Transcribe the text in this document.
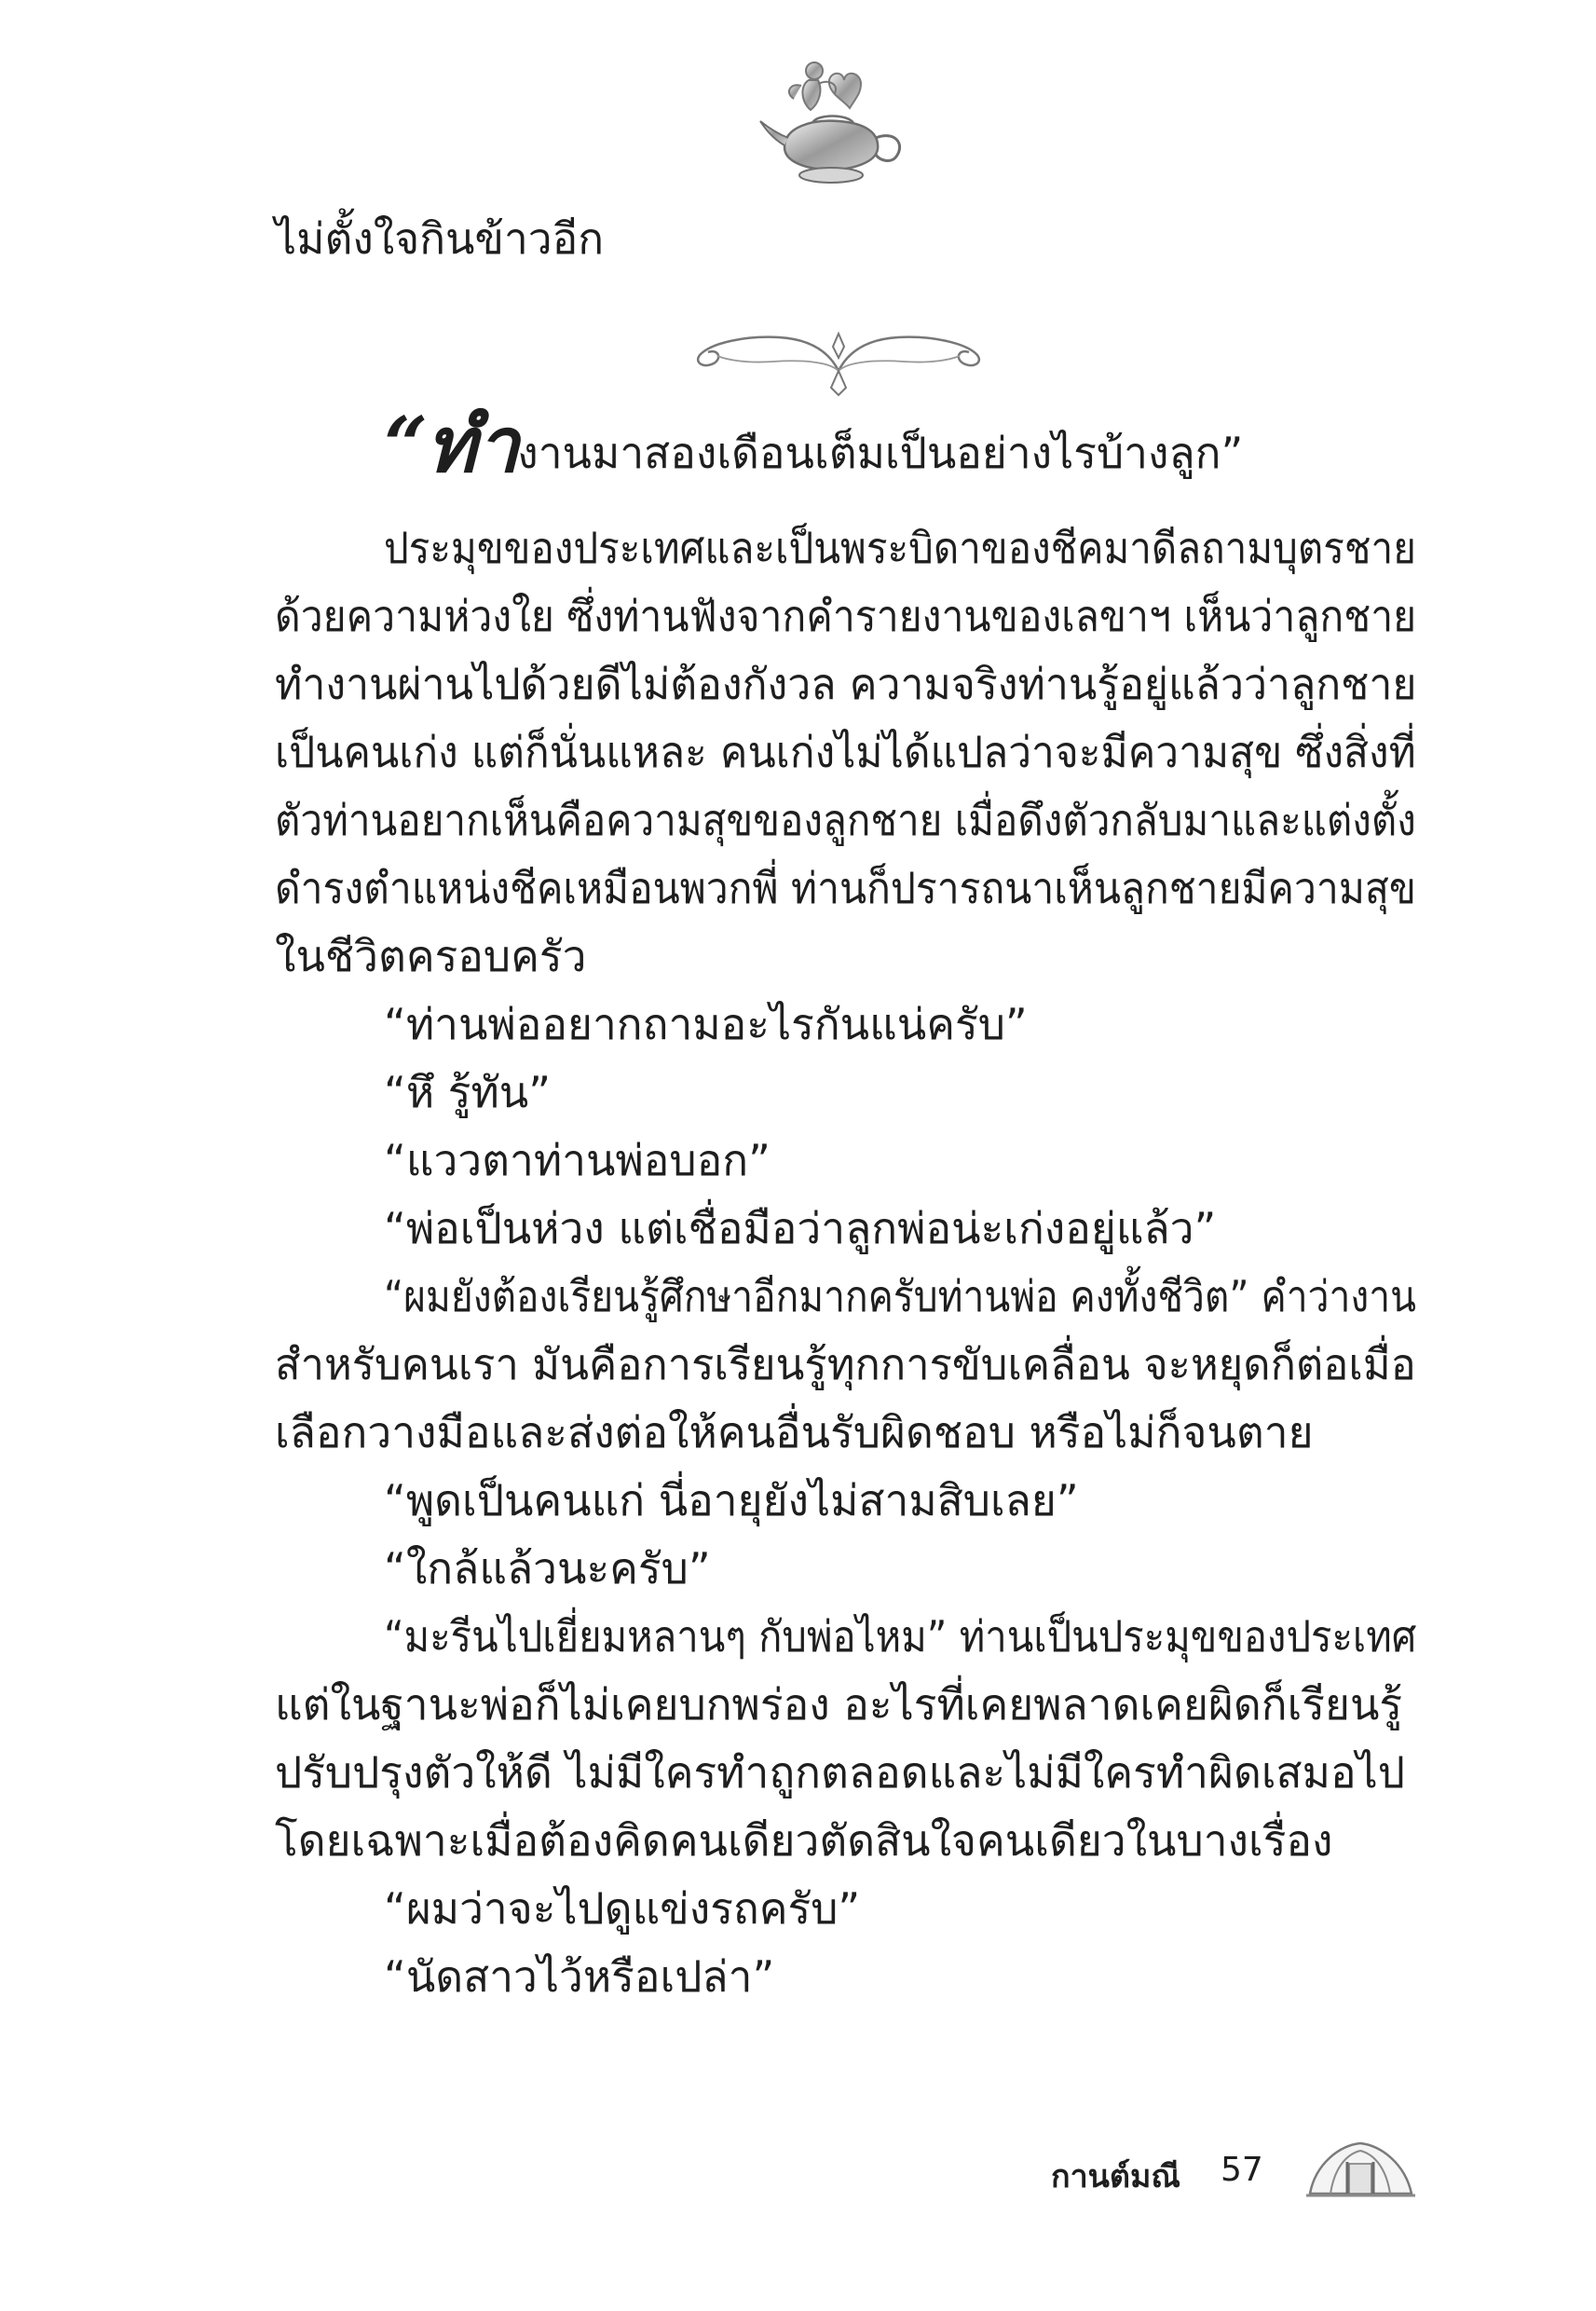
ไม่ตั้งใจกินข้าวอีก
“ทำงานมาสองเดือนเต็มเป็นอย่างไรบ้างลูก”
ประมุขของประเทศและเป็นพระบิดาของชีคมาดีลถามบุตรชาย
ด้วยความห่วงใย ซึ่งท่านฟังจากคำรายงานของเลขาฯ เห็นว่าลูกชาย
ทำงานผ่านไปด้วยดีไม่ต้องกังวล ความจริงท่านรู้อยู่แล้วว่าลูกชาย
เป็นคนเก่ง แต่ก็นั่นแหละ คนเก่งไม่ได้แปลว่าจะมีความสุข ซึ่งสิ่งที่
ตัวท่านอยากเห็นคือความสุขของลูกชาย เมื่อดึงตัวกลับมาและแต่งตั้ง
ดำรงตำแหน่งชีคเหมือนพวกพี่ ท่านก็ปรารถนาเห็นลูกชายมีความสุข
ในชีวิตครอบครัว
“ท่านพ่ออยากถามอะไรกันแน่ครับ”
“หึ รู้ทัน”
“แววตาท่านพ่อบอก”
“พ่อเป็นห่วง แต่เชื่อมือว่าลูกพ่อน่ะเก่งอยู่แล้ว”
“ผมยังต้องเรียนรู้ศึกษาอีกมากครับท่านพ่อ คงทั้งชีวิต” คำว่างาน
สำหรับคนเรา มันคือการเรียนรู้ทุกการขับเคลื่อน จะหยุดก็ต่อเมื่อ
เลือกวางมือและส่งต่อให้คนอื่นรับผิดชอบ หรือไม่ก็จนตาย
“พูดเป็นคนแก่ นี่อายุยังไม่สามสิบเลย”
“ใกล้แล้วนะครับ”
“มะรีนไปเยี่ยมหลานๆ กับพ่อไหม” ท่านเป็นประมุขของประเทศ
แต่ในฐานะพ่อก็ไม่เคยบกพร่อง อะไรที่เคยพลาดเคยผิดก็เรียนรู้
ปรับปรุงตัวให้ดี ไม่มีใครทำถูกตลอดและไม่มีใครทำผิดเสมอไป
โดยเฉพาะเมื่อต้องคิดคนเดียวตัดสินใจคนเดียวในบางเรื่อง
“ผมว่าจะไปดูแข่งรถครับ”
“นัดสาวไว้หรือเปล่า”
กานต์มณี 57
